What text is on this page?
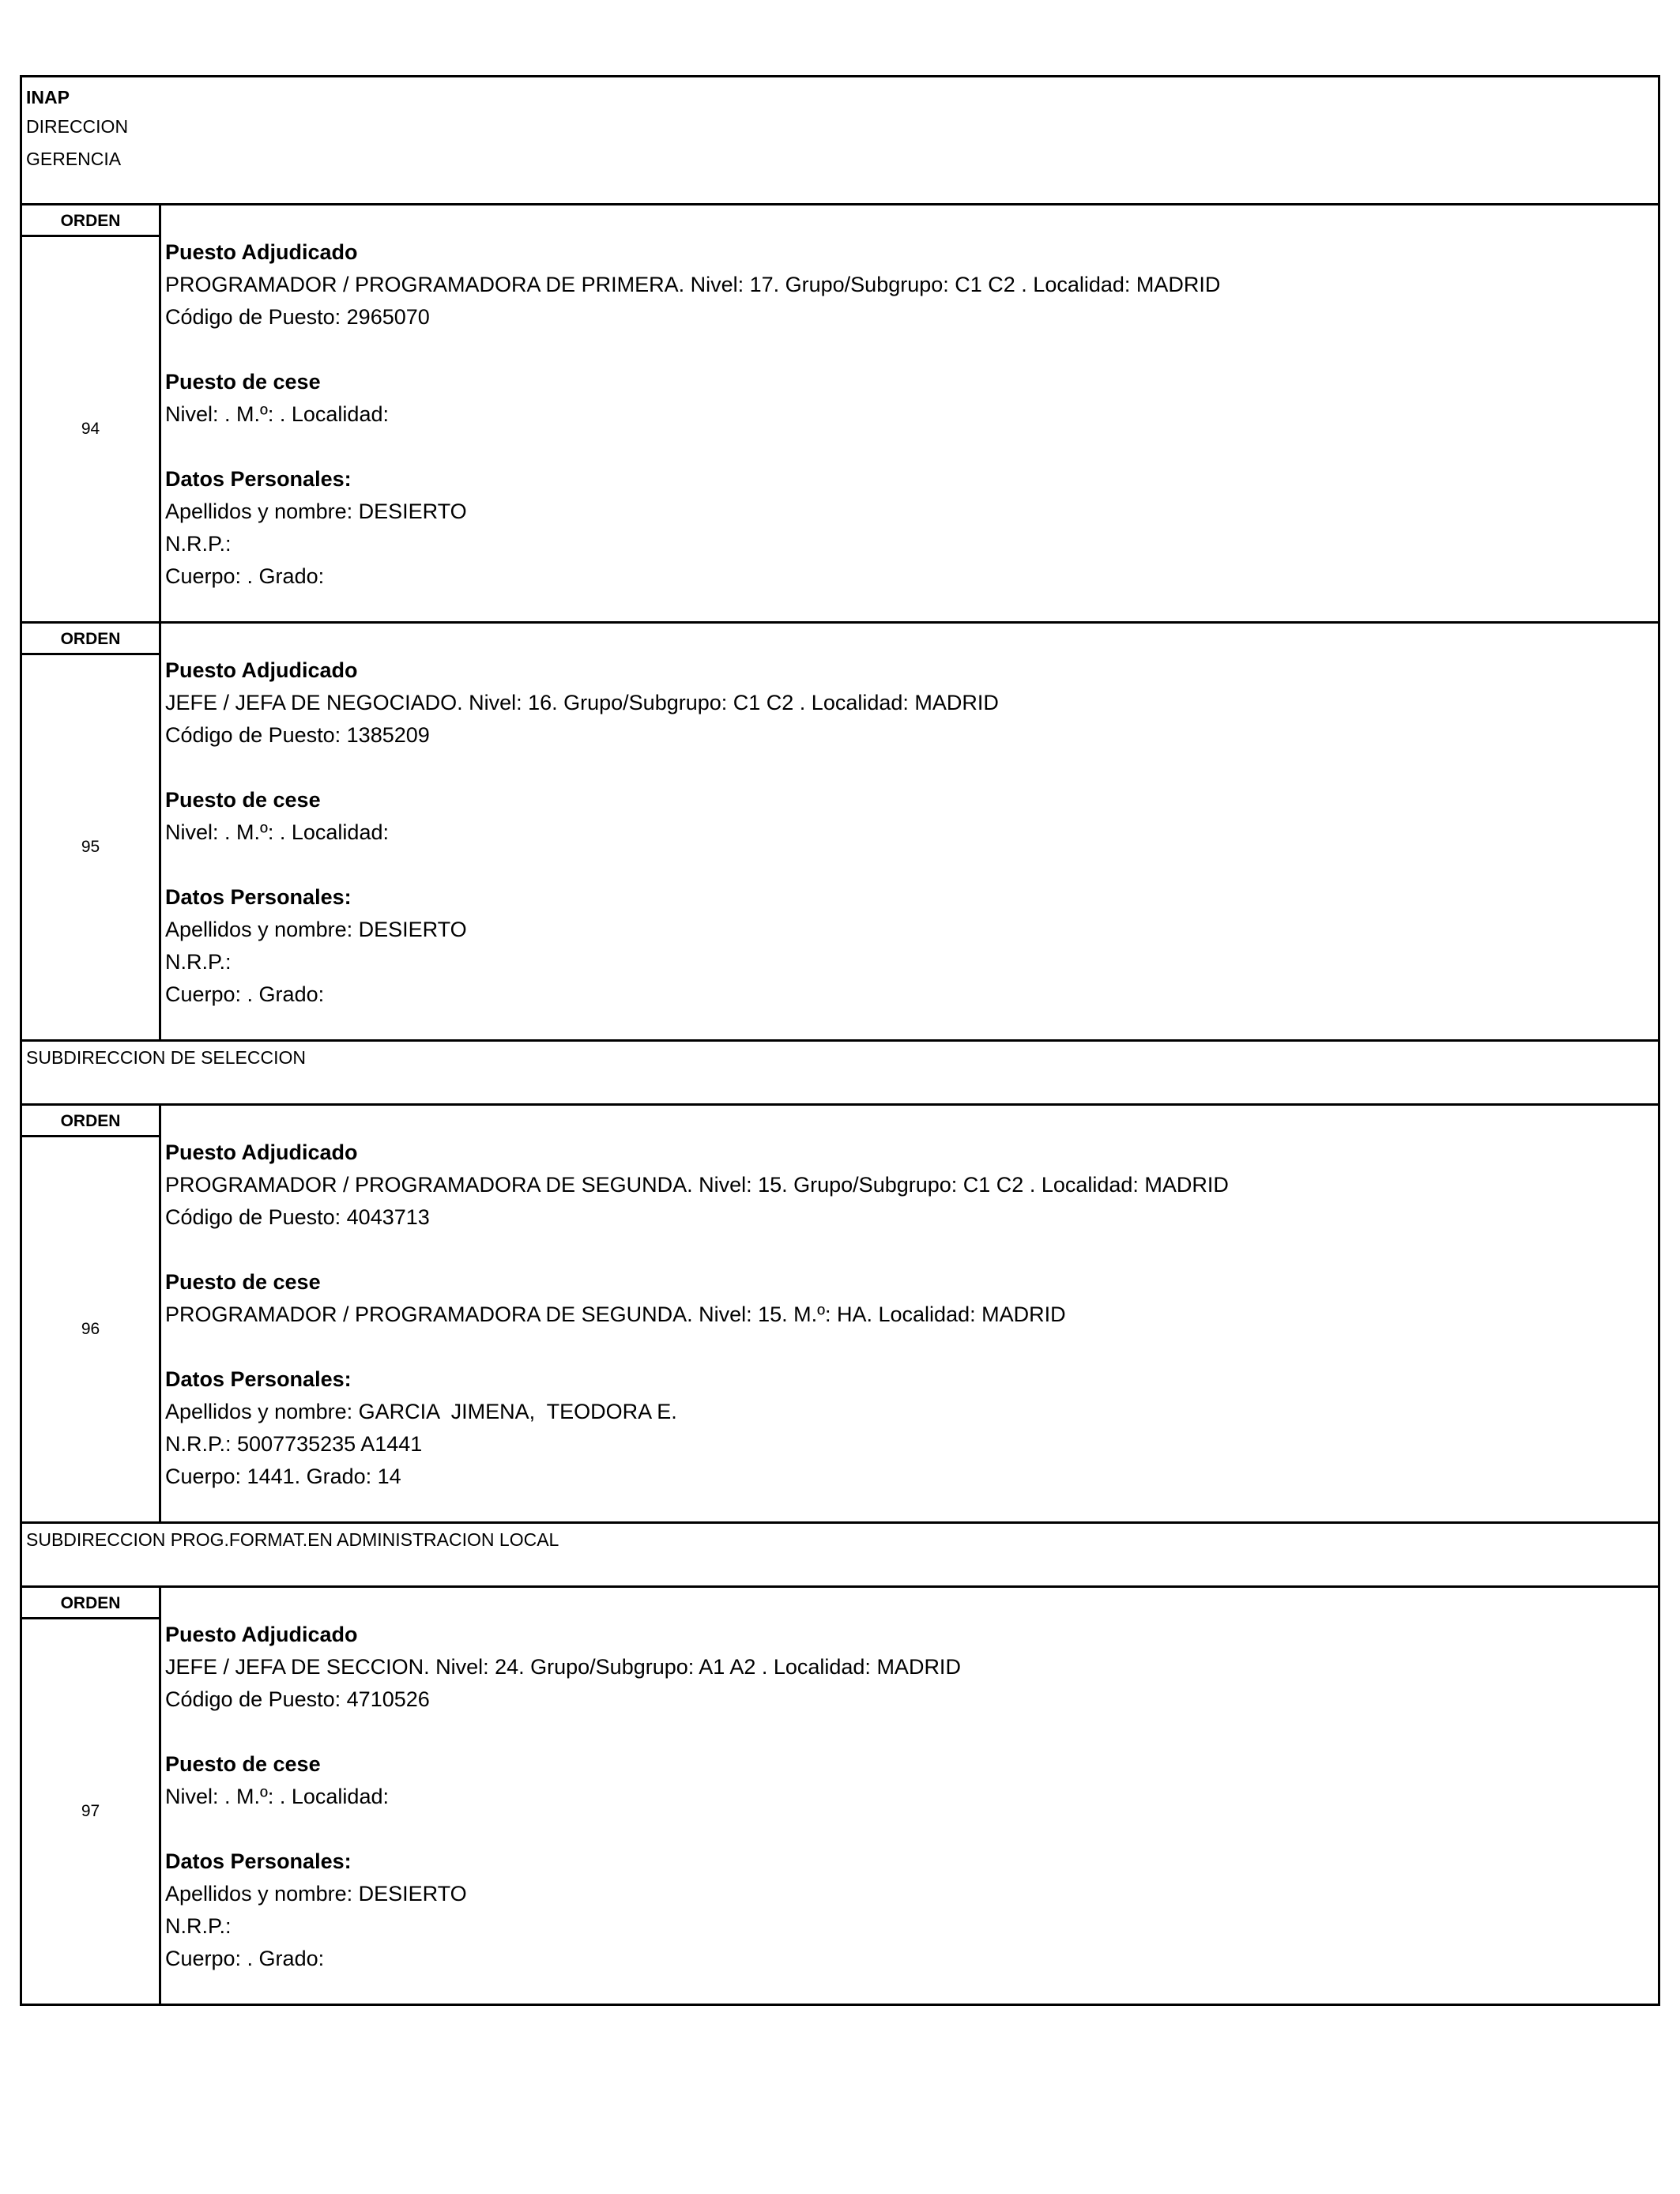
INAP
DIRECCION
GERENCIA
ORDEN
94
Puesto Adjudicado
PROGRAMADOR / PROGRAMADORA DE PRIMERA. Nivel: 17. Grupo/Subgrupo: C1 C2 . Localidad: MADRID
Código de Puesto: 2965070
Puesto de cese
Nivel: . M.º: . Localidad:
Datos Personales:
Apellidos y nombre: DESIERTO
N.R.P.:
Cuerpo: . Grado:
ORDEN
95
Puesto Adjudicado
JEFE / JEFA DE NEGOCIADO. Nivel: 16. Grupo/Subgrupo: C1 C2 . Localidad: MADRID
Código de Puesto: 1385209
Puesto de cese
Nivel: . M.º: . Localidad:
Datos Personales:
Apellidos y nombre: DESIERTO
N.R.P.:
Cuerpo: . Grado:
SUBDIRECCION DE SELECCION
ORDEN
96
Puesto Adjudicado
PROGRAMADOR / PROGRAMADORA DE SEGUNDA. Nivel: 15. Grupo/Subgrupo: C1 C2 . Localidad: MADRID
Código de Puesto: 4043713
Puesto de cese
PROGRAMADOR / PROGRAMADORA DE SEGUNDA. Nivel: 15. M.º: HA. Localidad: MADRID
Datos Personales:
Apellidos y nombre: GARCIA  JIMENA,  TEODORA E.
N.R.P.: 5007735235 A1441
Cuerpo: 1441. Grado: 14
SUBDIRECCION PROG.FORMAT.EN ADMINISTRACION LOCAL
ORDEN
97
Puesto Adjudicado
JEFE / JEFA DE SECCION. Nivel: 24. Grupo/Subgrupo: A1 A2 . Localidad: MADRID
Código de Puesto: 4710526
Puesto de cese
Nivel: . M.º: . Localidad:
Datos Personales:
Apellidos y nombre: DESIERTO
N.R.P.:
Cuerpo: . Grado:
